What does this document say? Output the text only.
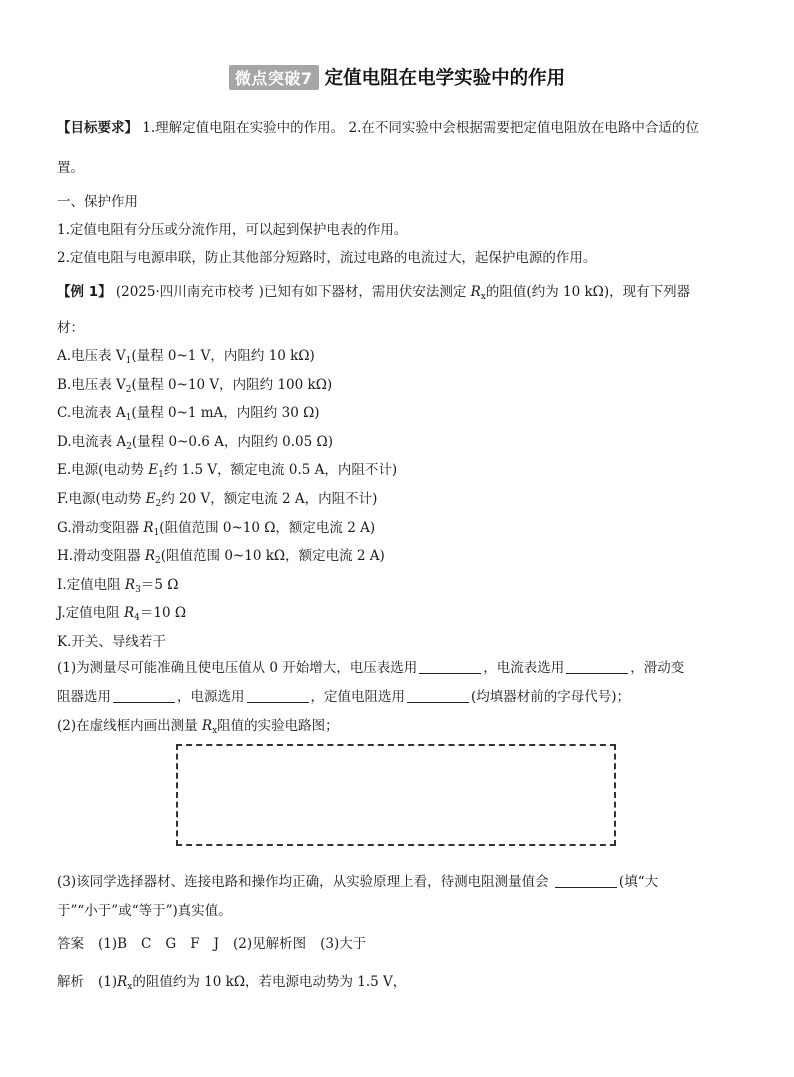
微点突破7 定值电阻在电学实验中的作用
【目标要求】 1.理解定值电阻在实验中的作用。 2.在不同实验中会根据需要把定值电阻放在电路中合适的位
置。
一、保护作用
1.定值电阻有分压或分流作用，可以起到保护电表的作用。
2.定值电阻与电源串联，防止其他部分短路时，流过电路的电流过大，起保护电源的作用。
【例 1】 (2025·四川南充市校考 )已知有如下器材，需用伏安法测定 $R_x$的阻值(约为 10 kΩ)，现有下列器
材：
A.电压表 $V_1$(量程 0~1 V，内阻约 10 kΩ)
B.电压表 $V_2$(量程 0~10 V，内阻约 100 kΩ)
C.电流表 $A_1$(量程 0~1 mA，内阻约 30 Ω)
D.电流表 $A_2$(量程 0~0.6 A，内阻约 0.05 Ω)
E.电源(电动势 $E_1$约 1.5 V，额定电流 0.5 A，内阻不计)
F.电源(电动势 $E_2$约 20 V，额定电流 2 A，内阻不计)
G.滑动变阻器 $R_1$(阻值范围 0~10 Ω，额定电流 2 A)
H.滑动变阻器 $R_2$(阻值范围 0~10 kΩ，额定电流 2 A)
I.定值电阻 $R_3=5$ Ω
J.定值电阻 $R_4=10$ Ω
K.开关、导线若干
(1)为测量尽可能准确且使电压值从 0 开始增大，电压表选用	，电流表选用	，滑动变
阻器选用	，电源选用	，定值电阻选用	(均填器材前的字母代号)；
(2)在虚线框内画出测量 $R_x$阻值的实验电路图；
(3)该同学选择器材、连接电路和操作均正确，从实验原理上看，待测电阻测量值会	(填“大
于”“小于”或“等于”)真实值。
答案 (1)B C G F J (2)见解析图 (3)大于
解析 $(1)R_x$的阻值约为 10 kΩ，若电源电动势为 1.5 V，
